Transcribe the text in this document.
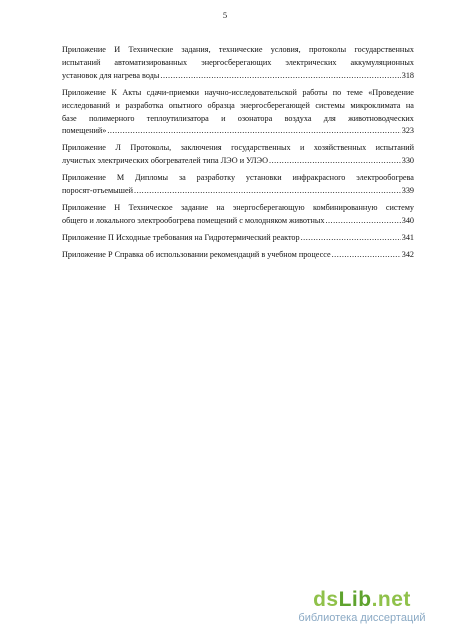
5
Приложение И Технические задания, технические условия, протоколы государственных
испытаний автоматизированных энергосберегающих электрических аккумуляционных
установок для нагрева воды .....	318
Приложение К Акты сдачи-приемки научно-исследовательской работы по теме «Проведение
исследований и разработка опытного образца энергосберегающей системы микроклимата на
базе полимерного теплоутилизатора и озонатора воздуха для животноводческих
помещений» .....	323
Приложение Л Протоколы, заключения государственных и хозяйственных испытаний
лучистых электрических обогревателей типа ЛЭО и УЛЭО .....	330
Приложение М Дипломы за разработку установки инфракрасного электрообогрева
поросят-отъемышей .....	339
Приложение Н Техническое задание на энергосберегающую комбинированную систему
общего и локального электрообогрева помещений с молодняком животных .....	340
Приложение П Исходные требования на Гидротермический реактор .....	341
Приложение Р Справка об использовании рекомендаций в учебном процессе .....	342
dsLib.net
библиотека диссертаций
